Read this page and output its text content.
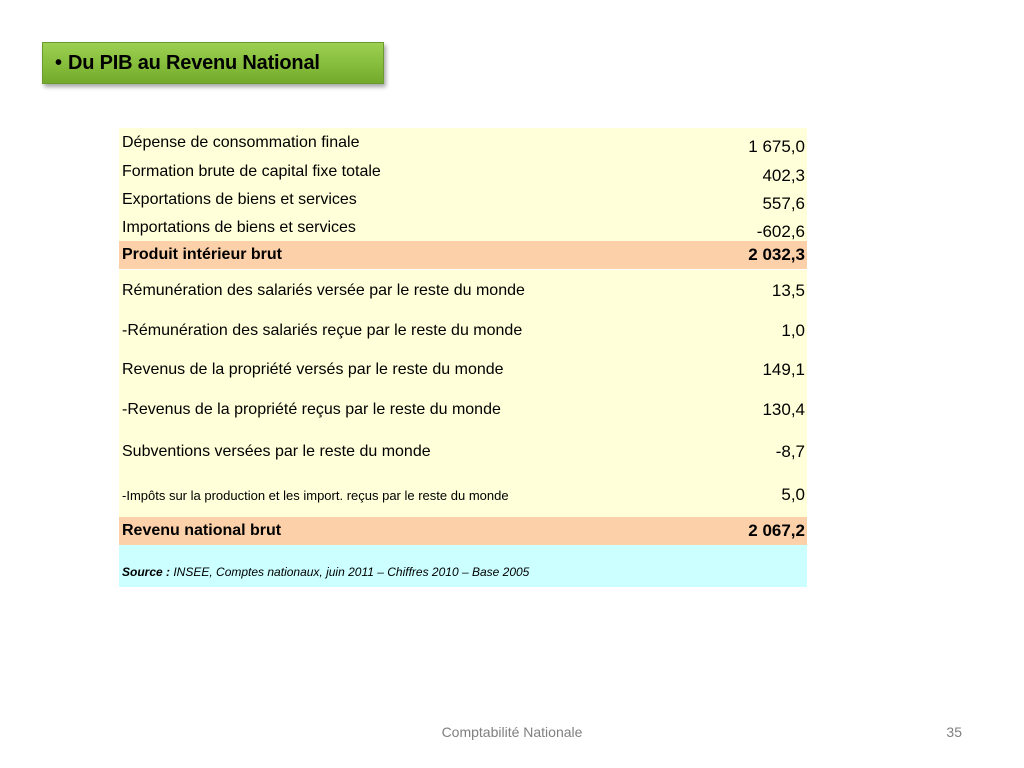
• Du PIB au Revenu National
Dépense de consommation finale	1 675,0
Formation brute de capital fixe totale	402,3
Exportations de biens et services	557,6
Importations de biens et services	-602,6
Produit intérieur brut	2 032,3
Rémunération des salariés versée par le reste du monde	13,5
-Rémunération des salariés reçue par le reste du monde	1,0
Revenus de la propriété versés par le reste du monde	149,1
-Revenus de la propriété reçus par le reste du monde	130,4
Subventions versées par le reste du monde	-8,7
-Impôts sur la production et les import. reçus par le reste du monde	5,0
Revenu national brut	2 067,2
Source : INSEE, Comptes nationaux, juin 2011 – Chiffres 2010 – Base 2005
Comptabilité Nationale	35
